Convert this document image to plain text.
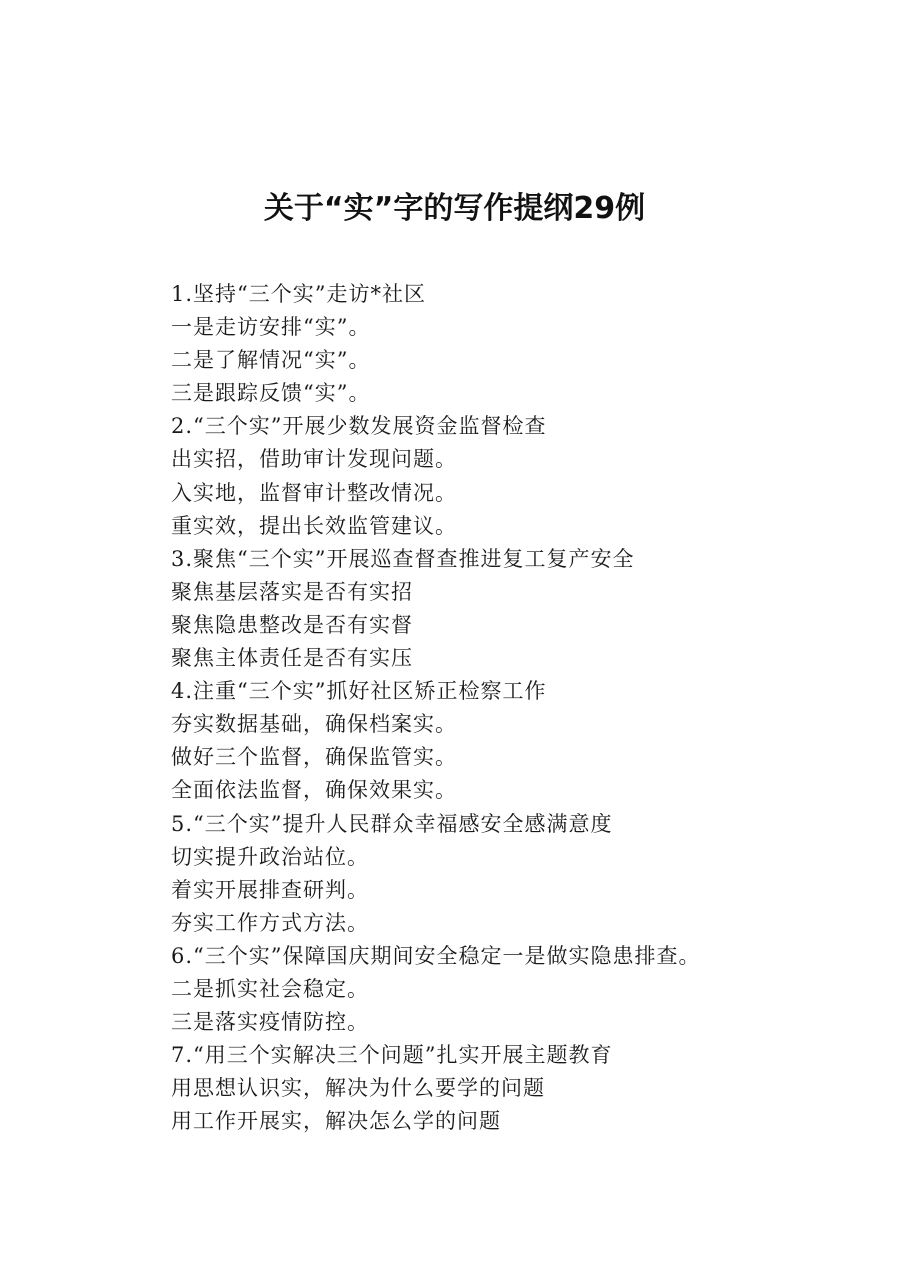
关于“实”字的写作提纲29例
1.坚持“三个实”走访*社区
一是走访安排“实”。
二是了解情况“实”。
三是跟踪反馈“实”。
2.“三个实”开展少数发展资金监督检查
出实招，借助审计发现问题。
入实地，监督审计整改情况。
重实效，提出长效监管建议。
3.聚焦“三个实”开展巡查督查推进复工复产安全
聚焦基层落实是否有实招
聚焦隐患整改是否有实督
聚焦主体责任是否有实压
4.注重“三个实”抓好社区矫正检察工作
夯实数据基础，确保档案实。
做好三个监督，确保监管实。
全面依法监督，确保效果实。
5.“三个实”提升人民群众幸福感安全感满意度
切实提升政治站位。
着实开展排查研判。
夯实工作方式方法。
6.“三个实”保障国庆期间安全稳定一是做实隐患排查。
二是抓实社会稳定。
三是落实疫情防控。
7.“用三个实解决三个问题”扎实开展主题教育
用思想认识实，解决为什么要学的问题
用工作开展实，解决怎么学的问题
